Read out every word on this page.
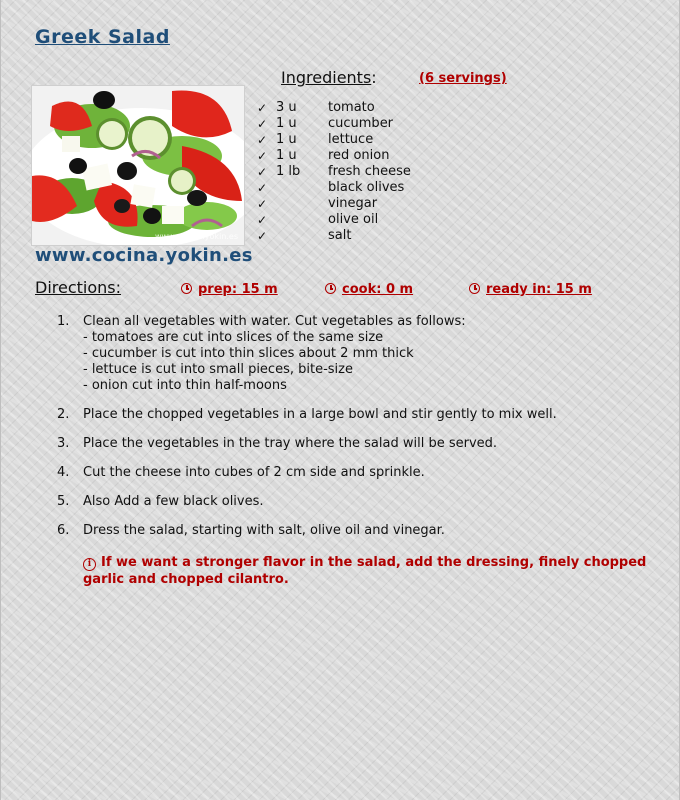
Greek Salad
www.cocina.yokin.es
www.cocina.yokin.es
Ingredients:	(6 servings)
✓ 3 u tomato
✓ 1 u cucumber
✓ 1 u lettuce
✓ 1 u red onion
✓ 1 lb fresh cheese
✓	black olives
✓	vinegar
✓	olive oil
✓	salt
Directions:	prep: 15 m	cook: 0 m	ready in: 15 m
1. Clean all vegetables with water. Cut vegetables as follows:
- tomatoes are cut into slices of the same size
- cucumber is cut into thin slices about 2 mm thick
- lettuce is cut into small pieces, bite-size
- onion cut into thin half-moons
2. Place the chopped vegetables in a large bowl and stir gently to mix well.
3. Place the vegetables in the tray where the salad will be served.
4. Cut the cheese into cubes of 2 cm side and sprinkle.
5. Also Add a few black olives.
6. Dress the salad, starting with salt, olive oil and vinegar.
i If we want a stronger flavor in the salad, add the dressing, finely chopped garlic and chopped cilantro.
